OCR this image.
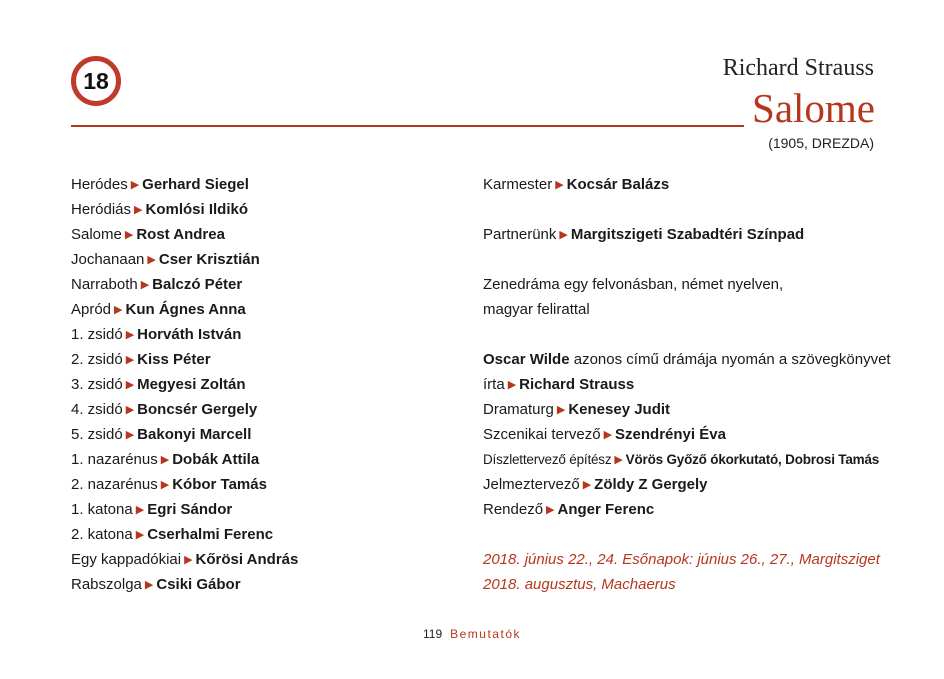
18	Richard Strauss
Salome
(1905, DREZDA)
Heródes ▶ Gerhard Siegel
Heródiás ▶ Komlósi Ildikó
Salome ▶ Rost Andrea
Jochanaan ▶ Cser Krisztián
Narraboth ▶ Balczó Péter
Apród ▶ Kun Ágnes Anna
1. zsidó ▶ Horváth István
2. zsidó ▶ Kiss Péter
3. zsidó ▶ Megyesi Zoltán
4. zsidó ▶ Boncsér Gergely
5. zsidó ▶ Bakonyi Marcell
1. nazarénus ▶ Dobák Attila
2. nazarénus ▶ Kóbor Tamás
1. katona ▶ Egri Sándor
2. katona ▶ Cserhalmi Ferenc
Egy kappadókiai ▶ Kőrösi András
Rabszolga ▶ Csiki Gábor
Karmester ▶ Kocsár Balázs
Partnerünk ▶ Margitszigeti Szabadtéri Színpad
Zenedráma egy felvonásban, német nyelven,
magyar felirattal
Oscar Wilde azonos című drámája nyomán a szövegkönyvet
írta ▶ Richard Strauss
Dramaturg ▶ Kenesey Judit
Szcenikai tervező ▶ Szendrényi Éva
Díszlettervező építész ▶ Vörös Győző ókorkutató, Dobrosi Tamás
Jelmeztervező ▶ Zöldy Z Gergely
Rendező ▶ Anger Ferenc
2018. június 22., 24. Esőnapok: június 26., 27., Margitsziget
2018. augusztus, Machaerus
119 Bemutatók
